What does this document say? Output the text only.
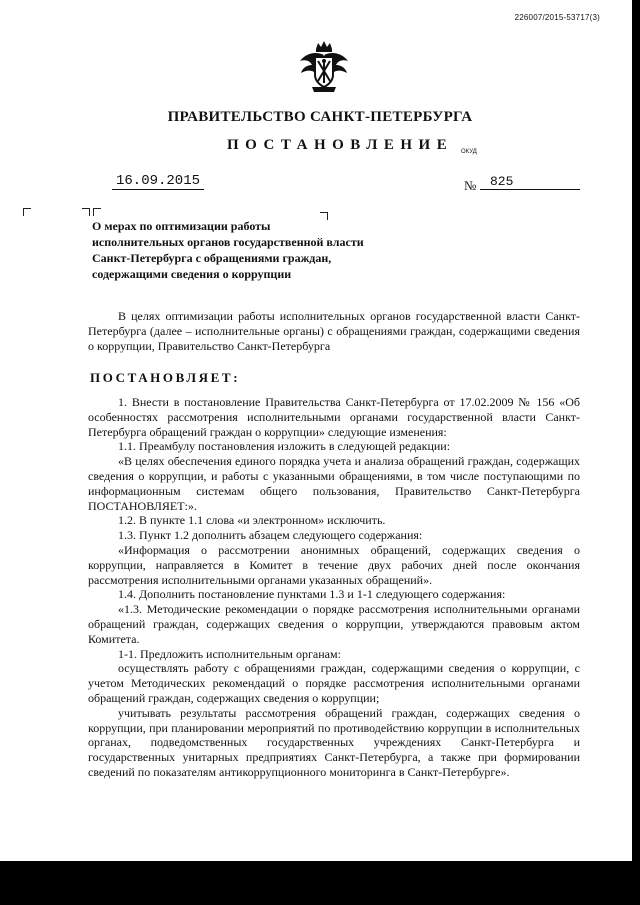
226007/2015-53717(3)
ПРАВИТЕЛЬСТВО САНКТ-ПЕТЕРБУРГА
ПОСТАНОВЛЕНИЕ ОКУД
16.09.2015	№	825
О мерах по оптимизации работы
исполнительных органов государственной власти
Санкт-Петербурга с обращениями граждан,
содержащими сведения о коррупции

В целях оптимизации работы исполнительных органов государственной власти Санкт-Петербурга (далее – исполнительные органы) с обращениями граждан, содержащими сведения о коррупции, Правительство Санкт-Петербурга

ПОСТАНОВЛЯЕТ:

1. Внести в постановление Правительства Санкт-Петербурга от 17.02.2009 № 156 «Об особенностях рассмотрения исполнительными органами государственной власти Санкт-Петербурга обращений граждан о коррупции» следующие изменения:

1.1. Преамбулу постановления изложить в следующей редакции:

«В целях обеспечения единого порядка учета и анализа обращений граждан, содержащих сведения о коррупции, и работы с указанными обращениями, в том числе поступающими по информационным системам общего пользования, Правительство Санкт-Петербурга ПОСТАНОВЛЯЕТ:».

1.2. В пункте 1.1 слова «и электронном» исключить.

1.3. Пункт 1.2 дополнить абзацем следующего содержания:

«Информация о рассмотрении анонимных обращений, содержащих сведения о коррупции, направляется в Комитет в течение двух рабочих дней после окончания рассмотрения исполнительными органами указанных обращений».

1.4. Дополнить постановление пунктами 1.3 и 1-1 следующего содержания:

«1.3. Методические рекомендации о порядке рассмотрения исполнительными органами обращений граждан, содержащих сведения о коррупции, утверждаются правовым актом Комитета.

1-1. Предложить исполнительным органам:

осуществлять работу с обращениями граждан, содержащими сведения о коррупции, с учетом Методических рекомендаций о порядке рассмотрения исполнительными органами обращений граждан, содержащих сведения о коррупции;

учитывать результаты рассмотрения обращений граждан, содержащих сведения о коррупции, при планировании мероприятий по противодействию коррупции в исполнительных органах, подведомственных государственных учреждениях Санкт-Петербурга и государственных унитарных предприятиях Санкт-Петербурга, а также при формировании сведений по показателям антикоррупционного мониторинга в Санкт-Петербурге».
